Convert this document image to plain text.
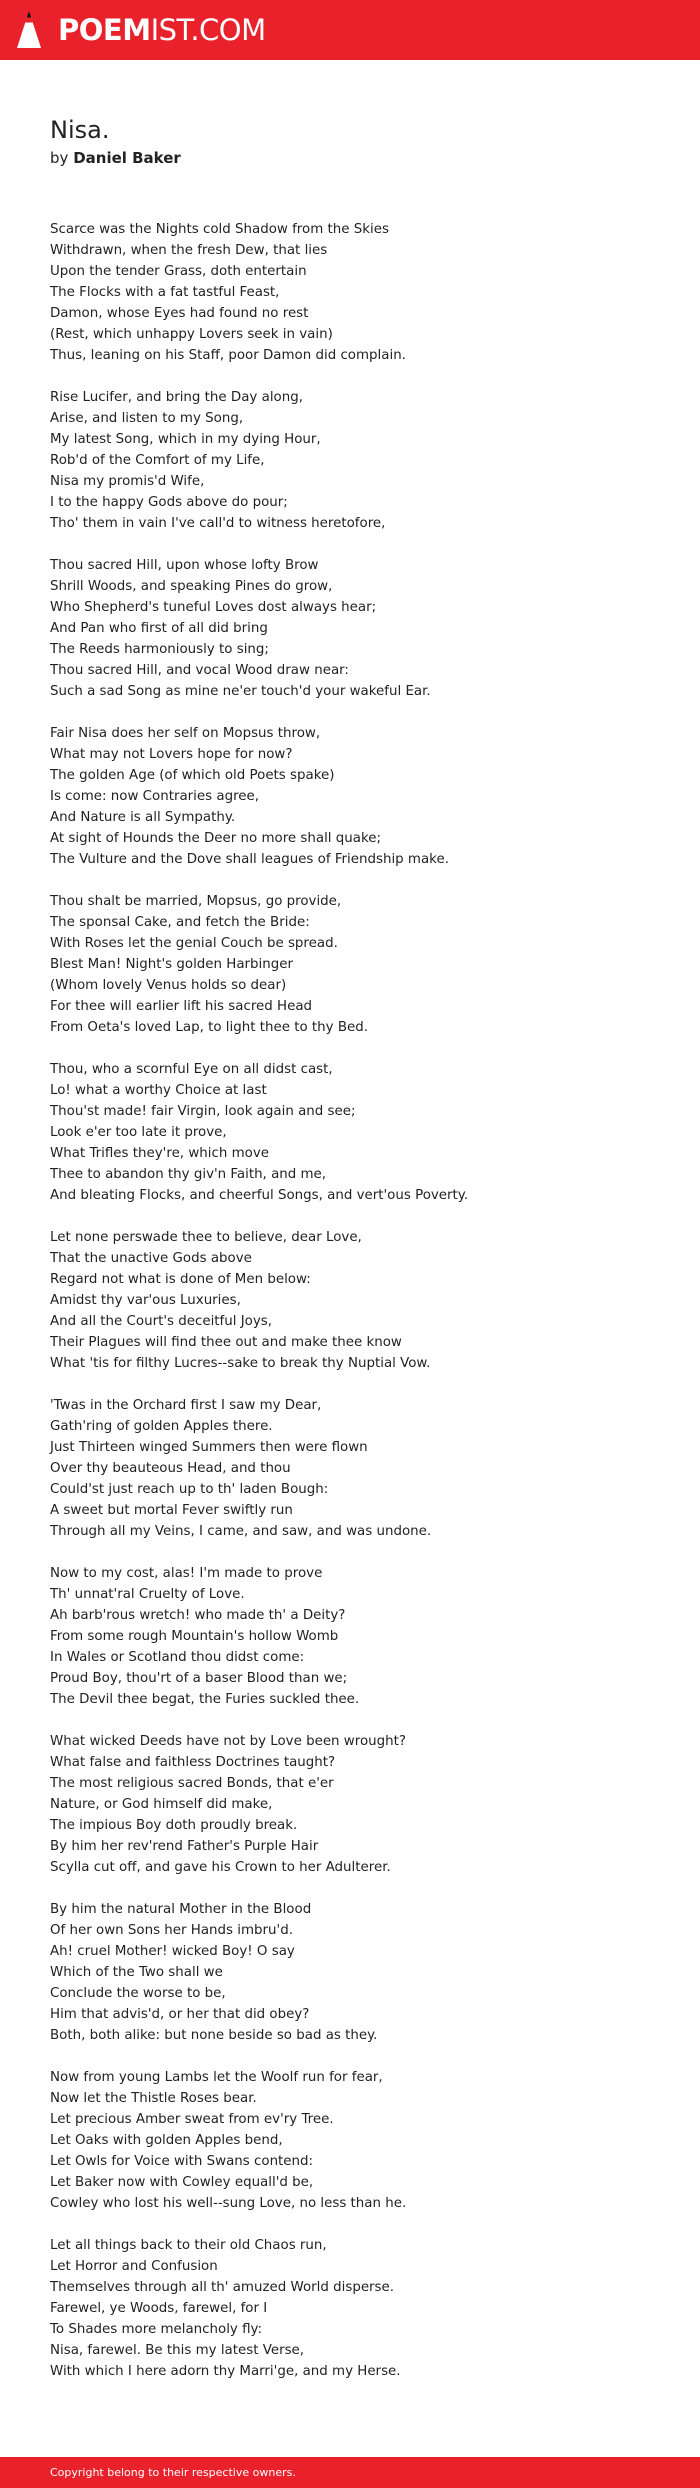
POEMIST.COM
Nisa.
by Daniel Baker
Scarce was the Nights cold Shadow from the Skies
Withdrawn, when the fresh Dew, that lies
Upon the tender Grass, doth entertain
The Flocks with a fat tastful Feast,
Damon, whose Eyes had found no rest
(Rest, which unhappy Lovers seek in vain)
Thus, leaning on his Staff, poor Damon did complain.
Rise Lucifer, and bring the Day along,
Arise, and listen to my Song,
My latest Song, which in my dying Hour,
Rob'd of the Comfort of my Life,
Nisa my promis'd Wife,
I to the happy Gods above do pour;
Tho' them in vain I've call'd to witness heretofore,
Thou sacred Hill, upon whose lofty Brow
Shrill Woods, and speaking Pines do grow,
Who Shepherd's tuneful Loves dost always hear;
And Pan who first of all did bring
The Reeds harmoniously to sing;
Thou sacred Hill, and vocal Wood draw near:
Such a sad Song as mine ne'er touch'd your wakeful Ear.
Fair Nisa does her self on Mopsus throw,
What may not Lovers hope for now?
The golden Age (of which old Poets spake)
Is come: now Contraries agree,
And Nature is all Sympathy.
At sight of Hounds the Deer no more shall quake;
The Vulture and the Dove shall leagues of Friendship make.
Thou shalt be married, Mopsus, go provide,
The sponsal Cake, and fetch the Bride:
With Roses let the genial Couch be spread.
Blest Man! Night's golden Harbinger
(Whom lovely Venus holds so dear)
For thee will earlier lift his sacred Head
From Oeta's loved Lap, to light thee to thy Bed.
Thou, who a scornful Eye on all didst cast,
Lo! what a worthy Choice at last
Thou'st made! fair Virgin, look again and see;
Look e'er too late it prove,
What Trifles they're, which move
Thee to abandon thy giv'n Faith, and me,
And bleating Flocks, and cheerful Songs, and vert'ous Poverty.
Let none perswade thee to believe, dear Love,
That the unactive Gods above
Regard not what is done of Men below:
Amidst thy var'ous Luxuries,
And all the Court's deceitful Joys,
Their Plagues will find thee out and make thee know
What 'tis for filthy Lucres--sake to break thy Nuptial Vow.
'Twas in the Orchard first I saw my Dear,
Gath'ring of golden Apples there.
Just Thirteen winged Summers then were flown
Over thy beauteous Head, and thou
Could'st just reach up to th' laden Bough:
A sweet but mortal Fever swiftly run
Through all my Veins, I came, and saw, and was undone.
Now to my cost, alas! I'm made to prove
Th' unnat'ral Cruelty of Love.
Ah barb'rous wretch! who made th' a Deity?
From some rough Mountain's hollow Womb
In Wales or Scotland thou didst come:
Proud Boy, thou'rt of a baser Blood than we;
The Devil thee begat, the Furies suckled thee.
What wicked Deeds have not by Love been wrought?
What false and faithless Doctrines taught?
The most religious sacred Bonds, that e'er
Nature, or God himself did make,
The impious Boy doth proudly break.
By him her rev'rend Father's Purple Hair
Scylla cut off, and gave his Crown to her Adulterer.
By him the natural Mother in the Blood
Of her own Sons her Hands imbru'd.
Ah! cruel Mother! wicked Boy! O say
Which of the Two shall we
Conclude the worse to be,
Him that advis'd, or her that did obey?
Both, both alike: but none beside so bad as they.
Now from young Lambs let the Woolf run for fear,
Now let the Thistle Roses bear.
Let precious Amber sweat from ev'ry Tree.
Let Oaks with golden Apples bend,
Let Owls for Voice with Swans contend:
Let Baker now with Cowley equall'd be,
Cowley who lost his well--sung Love, no less than he.
Let all things back to their old Chaos run,
Let Horror and Confusion
Themselves through all th' amuzed World disperse.
Farewel, ye Woods, farewel, for I
To Shades more melancholy fly:
Nisa, farewel. Be this my latest Verse,
With which I here adorn thy Marri'ge, and my Herse.
Copyright belong to their respective owners.
